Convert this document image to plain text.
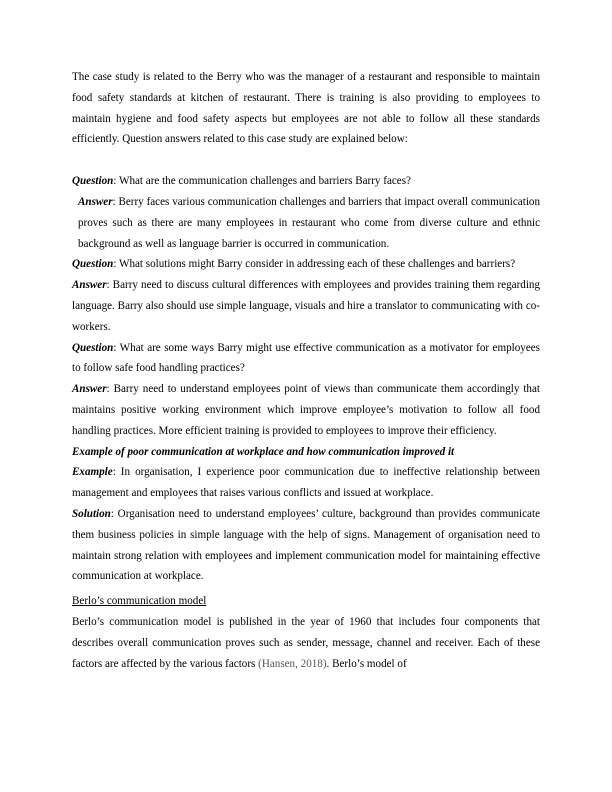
The case study is related to the Berry who was the manager of a restaurant and responsible to maintain food safety standards at kitchen of restaurant. There is training is also providing to employees to maintain hygiene and food safety aspects but employees are not able to follow all these standards efficiently. Question answers related to this case study are explained below:

Question: What are the communication challenges and barriers Barry faces?

Answer: Berry faces various communication challenges and barriers that impact overall communication proves such as there are many employees in restaurant who come from diverse culture and ethnic background as well as language barrier is occurred in communication.

Question: What solutions might Barry consider in addressing each of these challenges and barriers?

Answer: Barry need to discuss cultural differences with employees and provides training them regarding language. Barry also should use simple language, visuals and hire a translator to communicating with co-workers.

Question: What are some ways Barry might use effective communication as a motivator for employees to follow safe food handling practices?

Answer: Barry need to understand employees point of views than communicate them accordingly that maintains positive working environment which improve employee’s motivation to follow all food handling practices. More efficient training is provided to employees to improve their efficiency.

Example of poor communication at workplace and how communication improved it

Example: In organisation, I experience poor communication due to ineffective relationship between management and employees that raises various conflicts and issued at workplace.

Solution: Organisation need to understand employees’ culture, background than provides communicate them business policies in simple language with the help of signs. Management of organisation need to maintain strong relation with employees and implement communication model for maintaining effective communication at workplace.

Berlo’s communication model

Berlo’s communication model is published in the year of 1960 that includes four components that describes overall communication proves such as sender, message, channel and receiver. Each of these factors are affected by the various factors (Hansen, 2018). Berlo’s model of
